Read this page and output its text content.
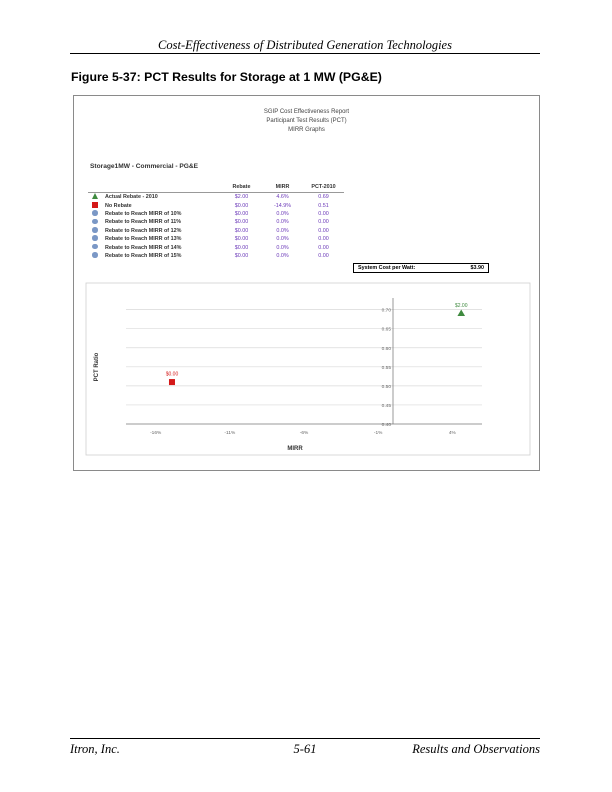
Cost-Effectiveness of Distributed Generation Technologies
Figure 5-37: PCT Results for Storage at 1 MW (PG&E)
SGIP Cost Effectiveness Report
Participant Test Results (PCT)
MIRR Graphs
Storage1MW - Commercial - PG&E
		Rebate	MIRR	PCT-2010
	Actual Rebate - 2010	$2.00	4.6%	0.69
	No Rebate	$0.00	-14.9%	0.51
	Rebate to Reach MIRR of 10%	$0.00	0.0%	0.00
	Rebate to Reach MIRR of 11%	$0.00	0.0%	0.00
	Rebate to Reach MIRR of 12%	$0.00	0.0%	0.00
	Rebate to Reach MIRR of 13%	$0.00	0.0%	0.00
	Rebate to Reach MIRR of 14%	$0.00	0.0%	0.00
	Rebate to Reach MIRR of 15%	$0.00	0.0%	0.00
System Cost per Watt:	$3.90
0.40
0.45
0.50
0.55
0.60
0.65
0.70
-16%	-11%	-6%	-1%	4%
$2.00
$0.00
MIRR
PCT Ratio
Itron, Inc.	5-61	Results and Observations
